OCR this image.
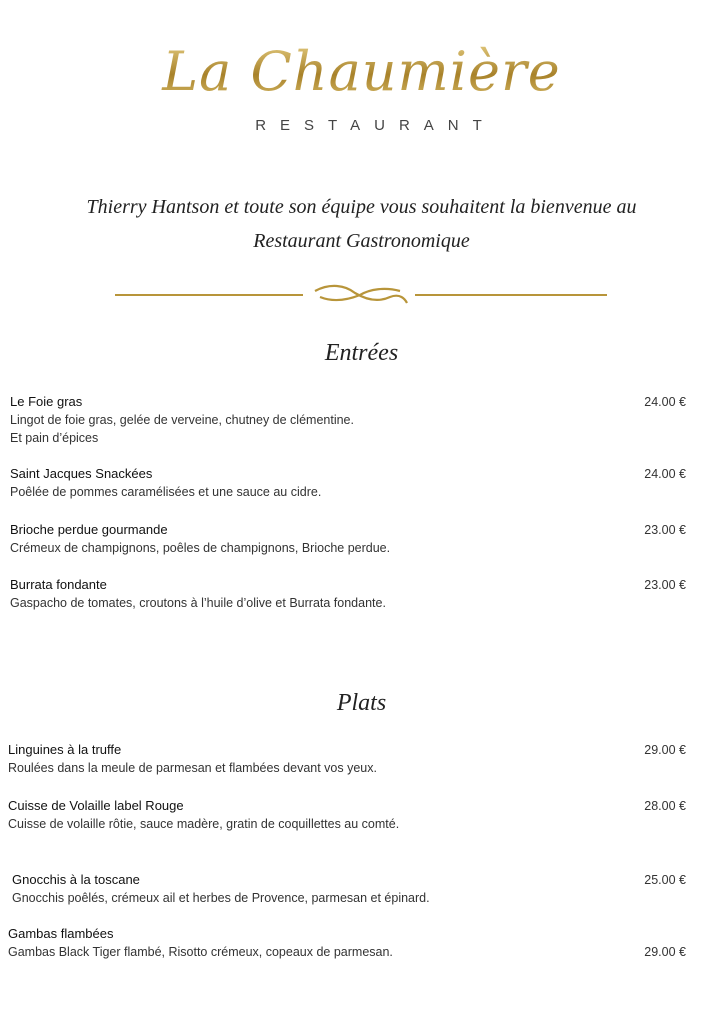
La Chaumière
RESTAURANT
Thierry Hantson et toute son équipe vous souhaitent la bienvenue au
Restaurant Gastronomique
Entrées
Le Foie gras
Lingot de foie gras, gelée de verveine, chutney de clémentine.
Et pain d’épices
24.00 €
Saint Jacques Snackées
Poêlée de pommes caramélisées et une sauce au cidre.
24.00 €
Brioche perdue gourmande
Crémeux de champignons, poêles de champignons, Brioche perdue.
23.00 €
Burrata fondante
Gaspacho de tomates, croutons à l’huile d’olive et Burrata fondante.
23.00 €
Plats
Linguines à la truffe
Roulées dans la meule de parmesan et flambées devant vos yeux.
29.00 €
Cuisse de Volaille label Rouge
Cuisse de volaille rôtie, sauce madère, gratin de coquillettes au comté.
28.00 €
Gnocchis à la toscane
Gnocchis poêlés, crémeux ail et herbes de Provence, parmesan et épinard.
25.00 €
Gambas flambées
Gambas Black Tiger flambé, Risotto crémeux, copeaux de parmesan.	29.00 €
